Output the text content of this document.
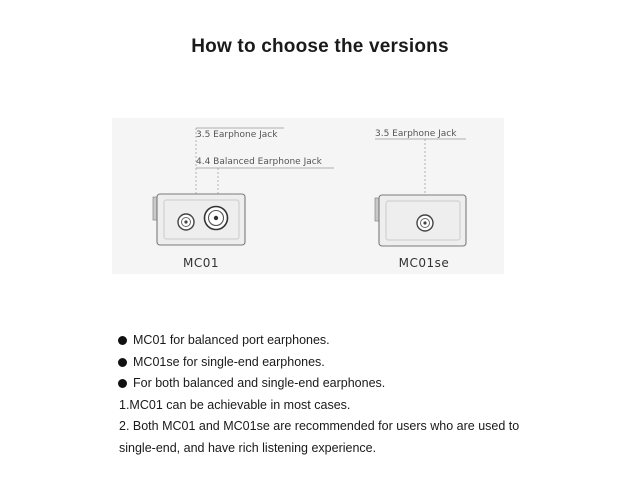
How to choose the versions
3.5 Earphone Jack
4.4 Balanced Earphone Jack
MC01
3.5 Earphone Jack
MC01se
MC01 for balanced port earphones.
MC01se for single-end earphones.
For both balanced and single-end earphones.
1.MC01 can be achievable in most cases.
2. Both MC01 and MC01se are recommended for users who are used to single-end, and have rich listening experience.
